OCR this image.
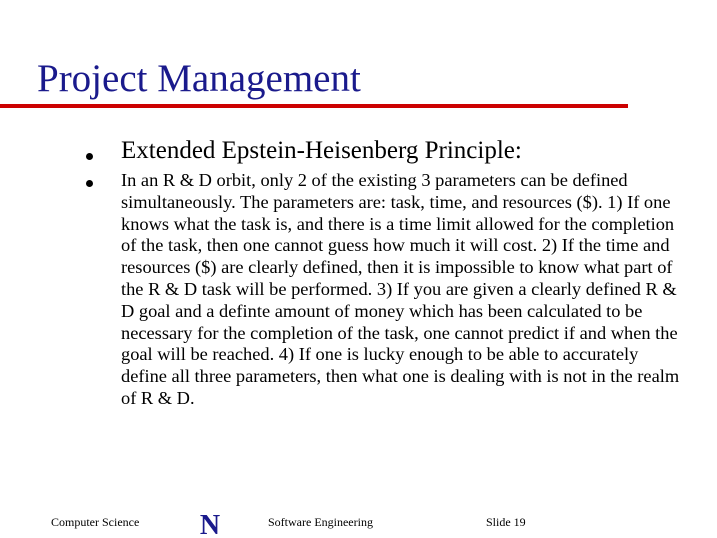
Project Management
Extended Epstein-Heisenberg Principle:

In an R & D orbit, only 2 of the existing 3 parameters can be defined simultaneously. The parameters are: task, time, and resources ($). 1) If one knows what the task is, and there is a time limit allowed for the completion of the task, then one cannot guess how much it will cost. 2) If the time and resources ($) are clearly defined, then it is impossible to know what part of the R & D task will be performed. 3) If you are given a clearly defined R & D goal and a definte amount of money which has been calculated to be necessary for the completion of the task, one cannot predict if and when the goal will be reached. 4) If one is lucky enough to be able to accurately define all three parameters, then what one is dealing with is not in the realm of R & D.

Computer Science N	Software Engineering	Slide 19
